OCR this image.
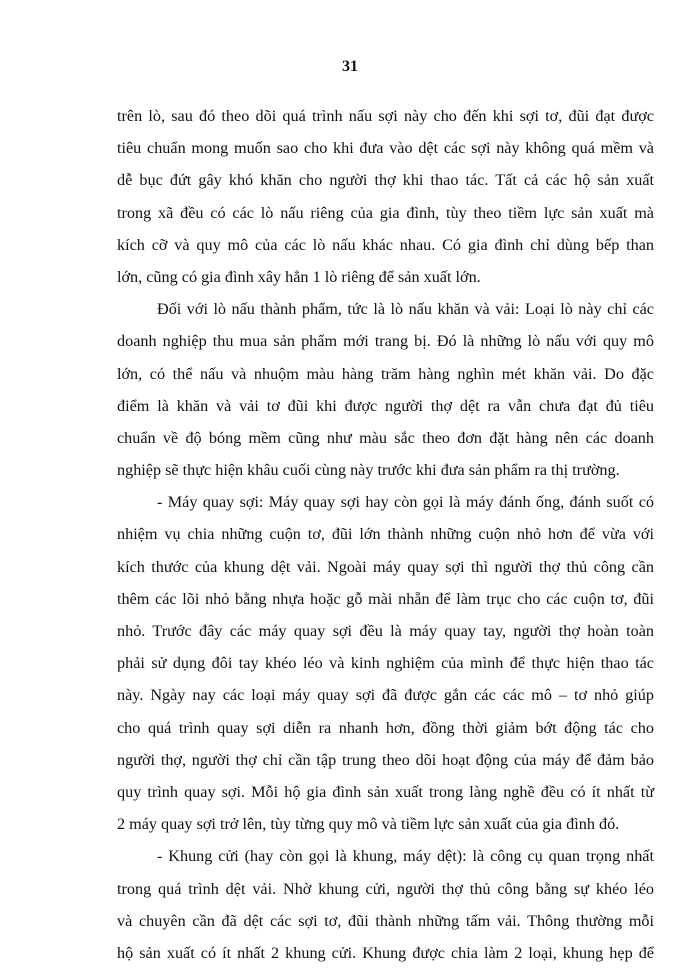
31
trên lò, sau đó theo dõi quá trình nấu sợi này cho đến khi sợi tơ, đũi đạt được
tiêu chuẩn mong muốn sao cho khi đưa vào dệt các sợi này không quá mềm và
dễ bục đứt gây khó khăn cho người thợ khi thao tác. Tất cả các hộ sản xuất
trong xã đều có các lò nấu riêng của gia đình, tùy theo tiềm lực sản xuất mà
kích cỡ và quy mô của các lò nấu khác nhau. Có gia đình chỉ dùng bếp than
lớn, cũng có gia đình xây hẳn 1 lò riêng để sản xuất lớn.
Đối với lò nấu thành phẩm, tức là lò nấu khăn và vải: Loại lò này chỉ các
doanh nghiệp thu mua sản phẩm mới trang bị. Đó là những lò nấu với quy mô
lớn, có thể nấu và nhuộm màu hàng trăm hàng nghìn mét khăn vải. Do đặc
điểm là khăn và vải tơ đũi khi được người thợ dệt ra vẫn chưa đạt đủ tiêu
chuẩn về độ bóng mềm cũng như màu sắc theo đơn đặt hàng nên các doanh
nghiệp sẽ thực hiện khâu cuối cùng này trước khi đưa sản phẩm ra thị trường.
- Máy quay sợi: Máy quay sợi hay còn gọi là máy đánh ống, đánh suốt có
nhiệm vụ chia những cuộn tơ, đũi lớn thành những cuộn nhỏ hơn để vừa với
kích thước của khung dệt vải. Ngoài máy quay sợi thì người thợ thủ công cần
thêm các lõi nhỏ bằng nhựa hoặc gỗ mài nhẵn để làm trục cho các cuộn tơ, đũi
nhỏ. Trước đây các máy quay sợi đều là máy quay tay, người thợ hoàn toàn
phải sử dụng đôi tay khéo léo và kinh nghiệm của mình để thực hiện thao tác
này. Ngày nay các loại máy quay sợi đã được gắn các các mô – tơ nhỏ giúp
cho quá trình quay sợi diễn ra nhanh hơn, đồng thời giảm bớt động tác cho
người thợ, người thợ chỉ cần tập trung theo dõi hoạt động của máy để đảm bảo
quy trình quay sợi. Mỗi hộ gia đình sản xuất trong làng nghề đều có ít nhất từ
2 máy quay sợi trở lên, tùy từng quy mô và tiềm lực sản xuất của gia đình đó.
- Khung cửi (hay còn gọi là khung, máy dệt): là công cụ quan trọng nhất
trong quá trình dệt vải. Nhờ khung cửi, người thợ thủ công bằng sự khéo léo
và chuyên cần đã dệt các sợi tơ, đũi thành những tấm vải. Thông thường mỗi
hộ sản xuất có ít nhất 2 khung cửi. Khung được chia làm 2 loại, khung hẹp để
